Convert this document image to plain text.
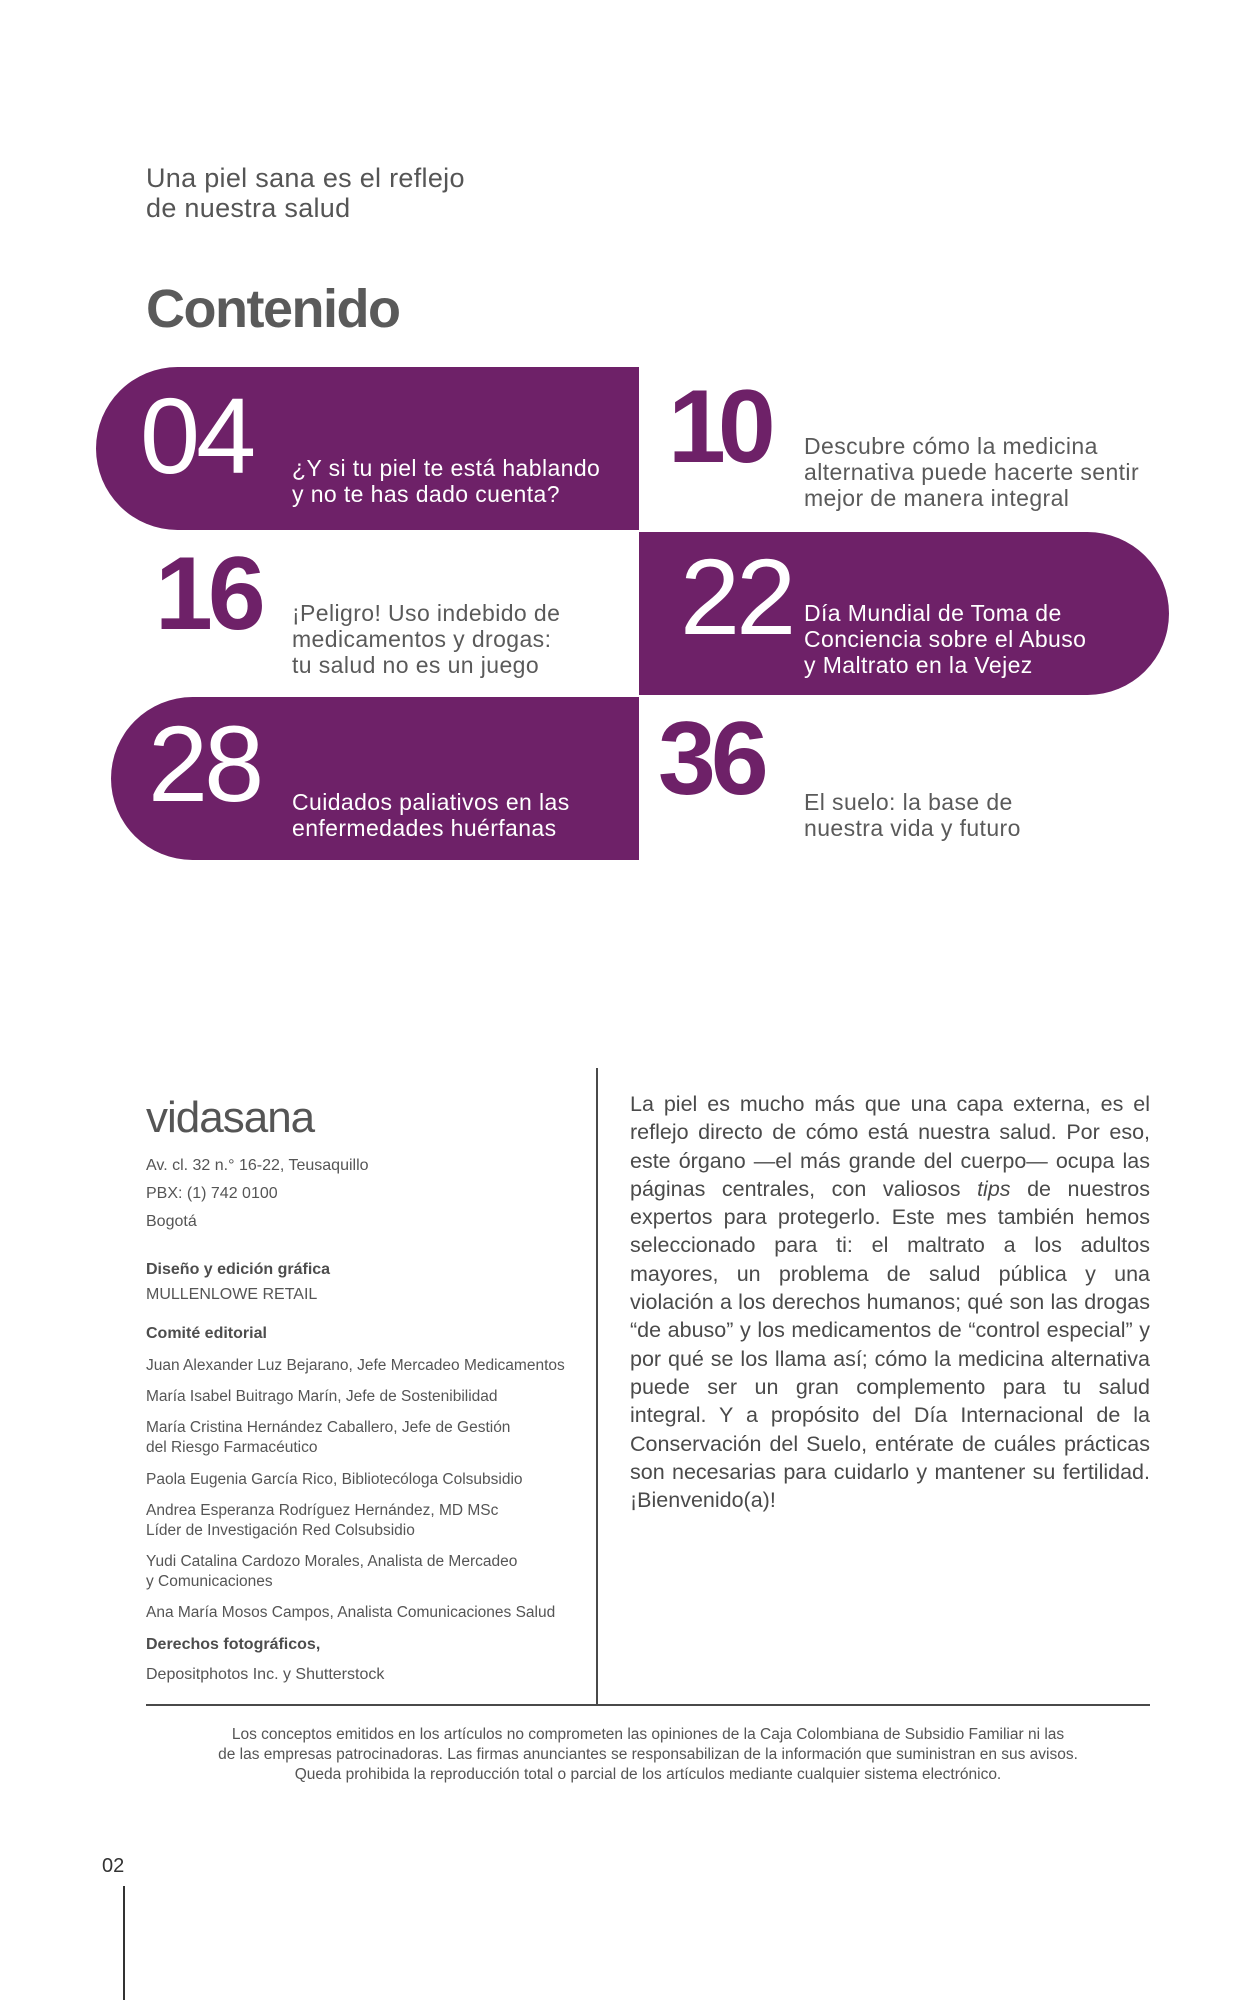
Una piel sana es el reflejo
de nuestra salud
Contenido
04 ¿Y si tu piel te está hablando
y no te has dado cuenta?
10 Descubre cómo la medicina
alternativa puede hacerte sentir
mejor de manera integral
16 ¡Peligro! Uso indebido de
medicamentos y drogas:
tu salud no es un juego
22 Día Mundial de Toma de
Conciencia sobre el Abuso
y Maltrato en la Vejez
28 Cuidados paliativos en las
enfermedades huérfanas
36 El suelo: la base de
nuestra vida y futuro
vidasana
Av. cl. 32 n.° 16-22, Teusaquillo
PBX: (1) 742 0100
Bogotá
Diseño y edición gráfica
MULLENLOWE RETAIL
Comité editorial
Juan Alexander Luz Bejarano, Jefe Mercadeo Medicamentos
María Isabel Buitrago Marín, Jefe de Sostenibilidad
María Cristina Hernández Caballero, Jefe de Gestión
del Riesgo Farmacéutico
Paola Eugenia García Rico, Bibliotecóloga Colsubsidio
Andrea Esperanza Rodríguez Hernández, MD MSc
Líder de Investigación Red Colsubsidio
Yudi Catalina Cardozo Morales, Analista de Mercadeo
y Comunicaciones
Ana María Mosos Campos, Analista Comunicaciones Salud
Derechos fotográficos,
Depositphotos Inc. y Shutterstock

La piel es mucho más que una capa externa, es el reflejo directo de cómo está nuestra salud. Por eso, este órgano —el más grande del cuerpo— ocupa las páginas centrales, con valiosos tips de nuestros expertos para protegerlo. Este mes también hemos seleccionado para ti: el maltrato a los adultos mayores, un problema de salud pública y una violación a los derechos humanos; qué son las drogas “de abuso” y los medicamentos de “control especial” y por qué se los llama así; cómo la medicina alternativa puede ser un gran complemento para tu salud integral. Y a propósito del Día Internacional de la Conservación del Suelo, entérate de cuáles prácticas son necesarias para cuidarlo y mantener su fertilidad. ¡Bienvenido(a)!

Los conceptos emitidos en los artículos no comprometen las opiniones de la Caja Colombiana de Subsidio Familiar ni las
de las empresas patrocinadoras. Las firmas anunciantes se responsabilizan de la información que suministran en sus avisos.
Queda prohibida la reproducción total o parcial de los artículos mediante cualquier sistema electrónico.
02
